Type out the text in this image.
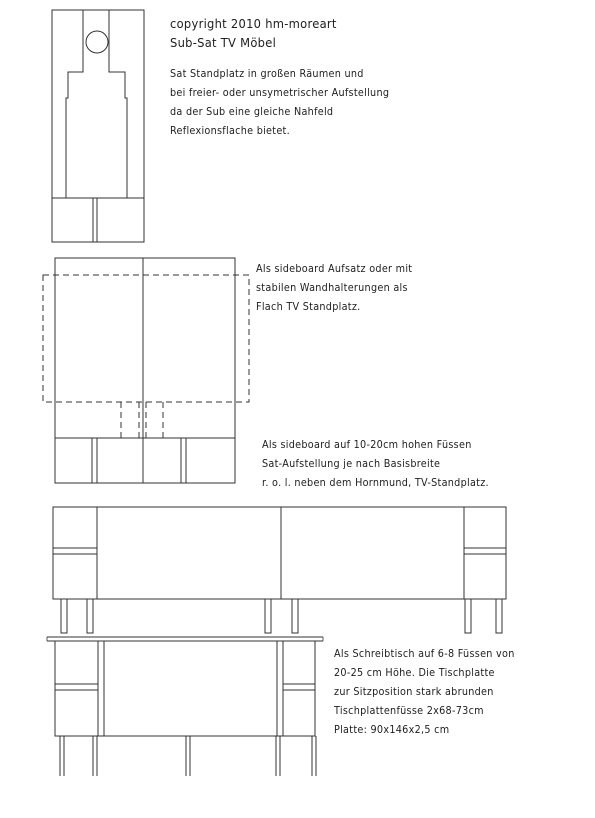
copyright 2010 hm-moreart
Sub-Sat TV Möbel
Sat Standplatz in großen Räumen und
bei freier- oder unsymetrischer Aufstellung
da der Sub eine gleiche Nahfeld
Reflexionsflache bietet.
Als sideboard Aufsatz oder mit
stabilen Wandhalterungen als
Flach TV Standplatz.
Als sideboard auf 10-20cm hohen Füssen
Sat-Aufstellung je nach Basisbreite
r. o. l. neben dem Hornmund, TV-Standplatz.
Als Schreibtisch auf 6-8 Füssen von
20-25 cm Höhe. Die Tischplatte
zur Sitzposition stark abrunden
Tischplattenfüsse 2x68-73cm
Platte: 90x146x2,5 cm
